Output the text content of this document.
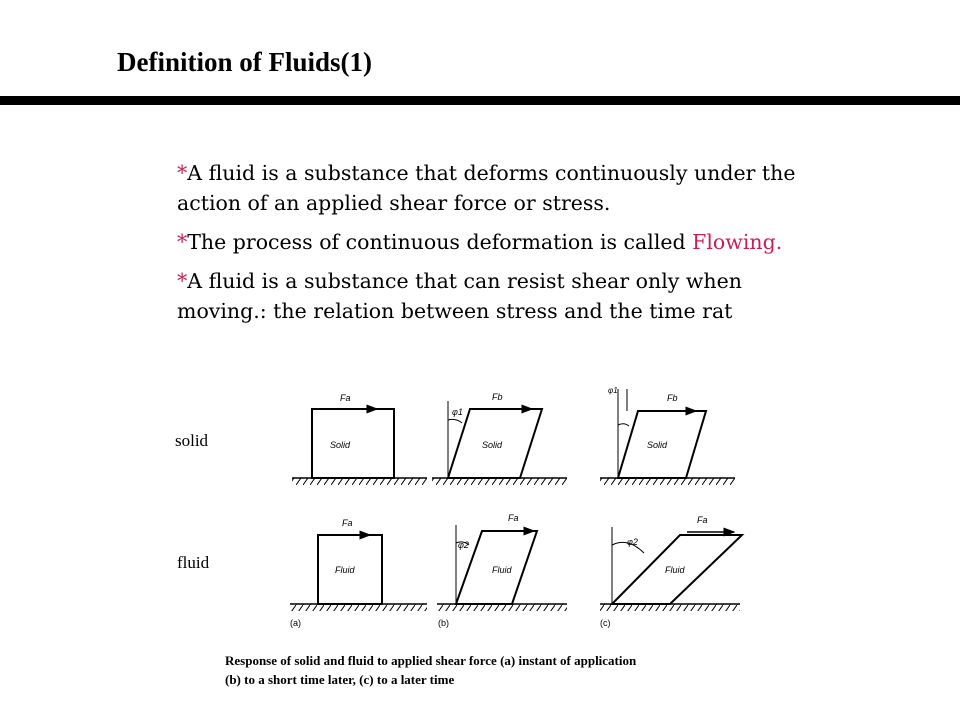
Definition of Fluids(1)

*A fluid is a substance that deforms continuously under the action of an applied shear force or stress.

*The process of continuous deformation is called Flowing.

*A fluid is a substance that can resist shear only when moving.: the relation between stress and the time rat

solid
fluid
Solid
Fa
φ1
Fb
Solid
φ1
Fb
Solid
Fa
Fluid
(a)
φ2
Fa
Fluid
(b)
φ2
Fa
Fluid
(c)
Response of solid and fluid to applied shear force (a) instant of application
(b) to a short time later, (c) to a later time
